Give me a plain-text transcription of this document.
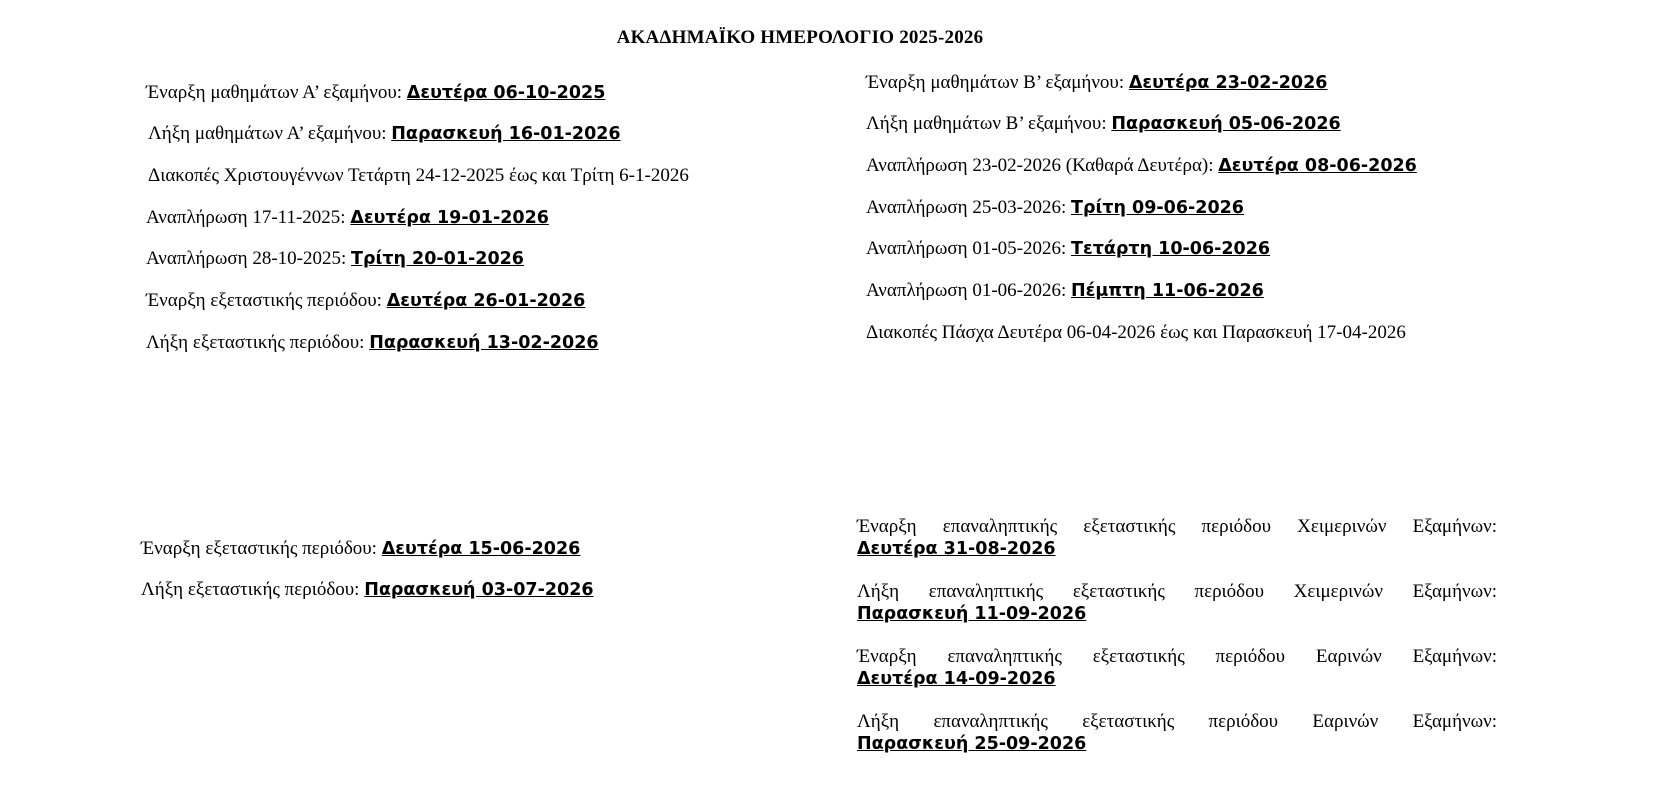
ΑΚΑΔΗΜΑΪΚΟ ΗΜΕΡΟΛΟΓΙΟ 2025-2026
Έναρξη μαθημάτων Α’ εξαμήνου: Δευτέρα 06-10-2025
Λήξη μαθημάτων Α’ εξαμήνου: Παρασκευή 16-01-2026
Διακοπές Χριστουγέννων Τετάρτη 24-12-2025 έως και Τρίτη 6-1-2026
Αναπλήρωση 17-11-2025: Δευτέρα 19-01-2026
Αναπλήρωση 28-10-2025: Τρίτη 20-01-2026
Έναρξη εξεταστικής περιόδου: Δευτέρα 26-01-2026
Λήξη εξεταστικής περιόδου: Παρασκευή 13-02-2026
Έναρξη μαθημάτων Β’ εξαμήνου: Δευτέρα 23-02-2026
Λήξη μαθημάτων Β’ εξαμήνου: Παρασκευή 05-06-2026
Αναπλήρωση 23-02-2026 (Καθαρά Δευτέρα): Δευτέρα 08-06-2026
Αναπλήρωση 25-03-2026: Τρίτη 09-06-2026
Αναπλήρωση 01-05-2026: Τετάρτη 10-06-2026
Αναπλήρωση 01-06-2026: Πέμπτη 11-06-2026
Διακοπές Πάσχα Δευτέρα 06-04-2026 έως και Παρασκευή 17-04-2026
Έναρξη εξεταστικής περιόδου: Δευτέρα 15-06-2026
Λήξη εξεταστικής περιόδου: Παρασκευή 03-07-2026
Έναρξη επαναληπτικής εξεταστικής περιόδου Χειμερινών Εξαμήνων:
Δευτέρα 31-08-2026
Λήξη επαναληπτικής εξεταστικής περιόδου Χειμερινών Εξαμήνων:
Παρασκευή 11-09-2026
Έναρξη επαναληπτικής εξεταστικής περιόδου Εαρινών Εξαμήνων:
Δευτέρα 14-09-2026
Λήξη επαναληπτικής εξεταστικής περιόδου Εαρινών Εξαμήνων:
Παρασκευή 25-09-2026
